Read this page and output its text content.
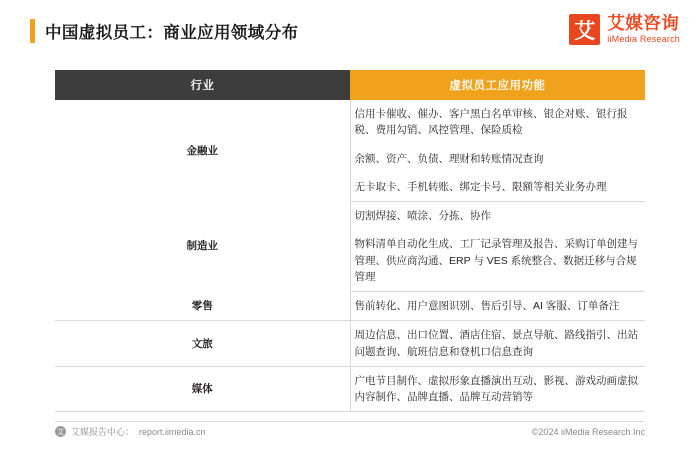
中国虚拟员工：商业应用领域分布	艾 艾媒咨询
iiMedia Research
行业	虚拟员工应用功能
金融业	信用卡催收、催办、客户黑白名单审核、银企对账、银行报税、费用勾销、风控管理、保险质检
	余额、资产、负债、理财和转账情况查询
	无卡取卡、手机转账、绑定卡号、限额等相关业务办理
制造业	切割焊接、喷涂、分拣、协作
	物料清单自动化生成、工厂记录管理及报告、采购订单创建与管理、供应商沟通、ERP 与 VES 系统整合、数据迁移与合规管理
零售	售前转化、用户意图识别、售后引导、AI 客服、订单备注
文旅	周边信息、出口位置、酒店住宿、景点导航、路线指引、出站问题查询、航班信息和登机口信息查询
媒体	广电节目制作、虚拟形象直播演出互动、影视、游戏动画虚拟内容制作、品牌直播、品牌互动营销等
艾 艾媒报告中心： report.iimedia.cn	©2024 iiMedia Research Inc
